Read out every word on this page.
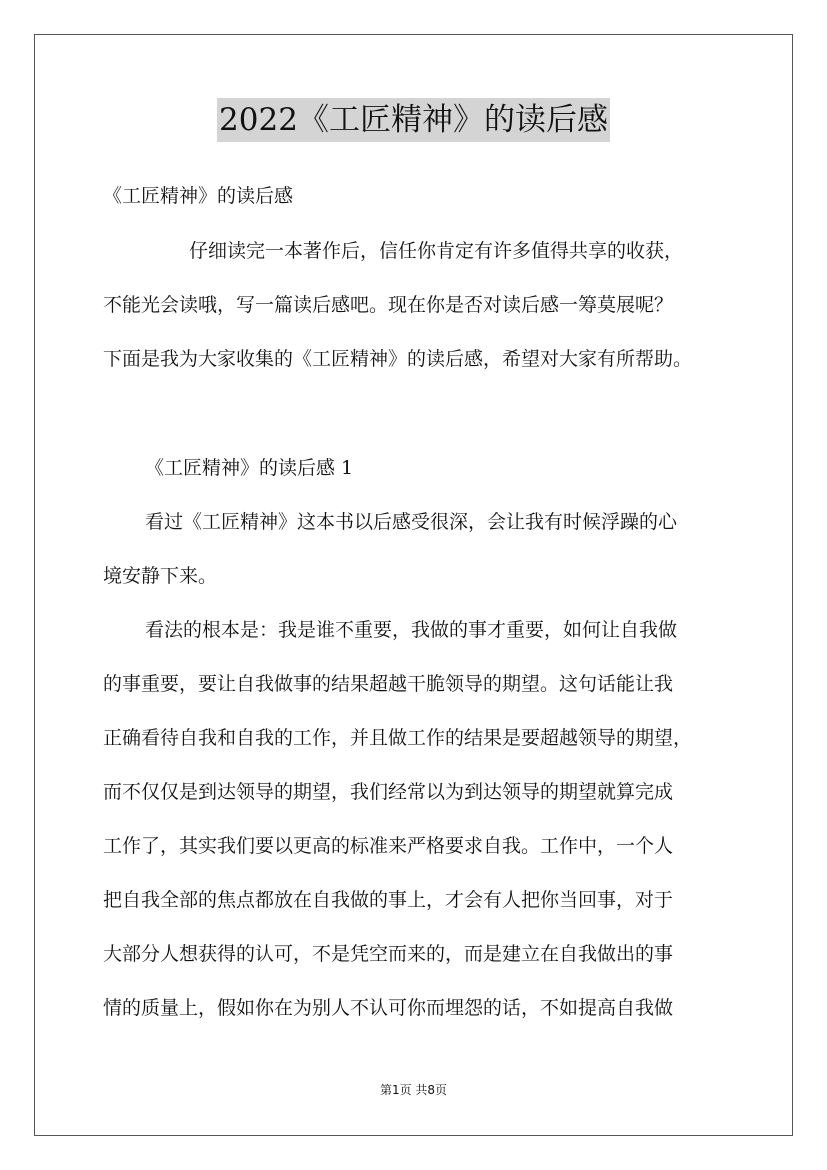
2022《工匠精神》的读后感
《工匠精神》的读后感
仔细读完一本著作后，信任你肯定有许多值得共享的收获，
不能光会读哦，写一篇读后感吧。现在你是否对读后感一筹莫展呢？
下面是我为大家收集的《工匠精神》的读后感，希望对大家有所帮助。
《工匠精神》的读后感 1
看过《工匠精神》这本书以后感受很深，会让我有时候浮躁的心
境安静下来。
看法的根本是：我是谁不重要，我做的事才重要，如何让自我做
的事重要，要让自我做事的结果超越干脆领导的期望。这句话能让我
正确看待自我和自我的工作，并且做工作的结果是要超越领导的期望，
而不仅仅是到达领导的期望，我们经常以为到达领导的期望就算完成
工作了，其实我们要以更高的标准来严格要求自我。工作中，一个人
把自我全部的焦点都放在自我做的事上，才会有人把你当回事，对于
大部分人想获得的认可，不是凭空而来的，而是建立在自我做出的事
情的质量上，假如你在为别人不认可你而埋怨的话，不如提高自我做
第1页 共8页
